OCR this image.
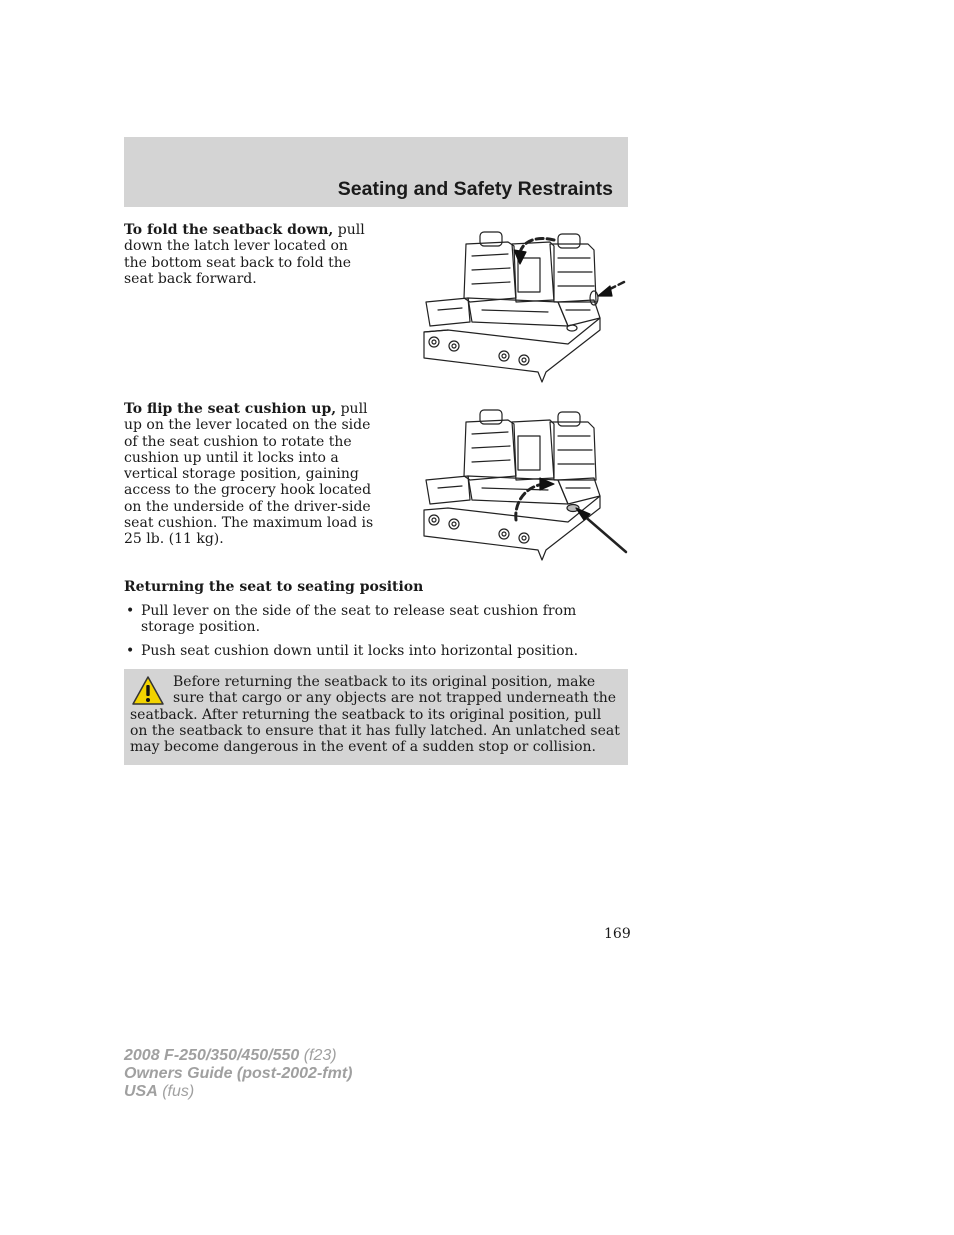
Seating and Safety Restraints
To fold the seatback down, pull down the latch lever located on the bottom seat back to fold the seat back forward.
To flip the seat cushion up, pull up on the lever located on the side of the seat cushion to rotate the cushion up until it locks into a vertical storage position, gaining access to the grocery hook located on the underside of the driver-side seat cushion. The maximum load is 25 lb. (11 kg).
Returning the seat to seating position
• Pull lever on the side of the seat to release seat cushion from storage position.
• Push seat cushion down until it locks into horizontal position.
Before returning the seatback to its original position, make sure that cargo or any objects are not trapped underneath the seatback. After returning the seatback to its original position, pull on the seatback to ensure that it has fully latched. An unlatched seat may become dangerous in the event of a sudden stop or collision.
169
2008 F-250/350/450/550 (f23)
Owners Guide (post-2002-fmt)
USA (fus)
